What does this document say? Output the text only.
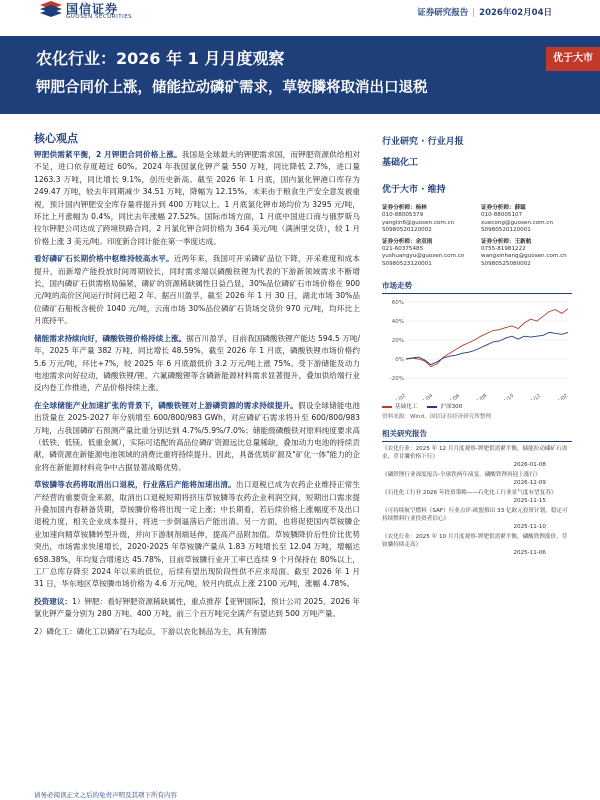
国信证券
GUOSEN SECURITIES	证券研究报告 | 2026年02月04日
农化行业：2026 年 1 月月度观察
钾肥合同价上涨，储能拉动磷矿需求，草铵膦将取消出口退税
优于大市
核心观点

钾肥供需紧平衡，2 月钾肥合同价格上涨。我国是全球最大的钾肥需求国，而钾肥资源供给相对不足，进口依存度超过 60%。2024 年我国氯化钾产量 550 万吨，同比降低 2.7%，进口量 1263.3 万吨，同比增长 9.1%，创历史新高。截至 2026 年 1 月底，国内氯化钾港口库存为 249.47 万吨，较去年同期减少 34.51 万吨，降幅为 12.15%。未来由于粮食生产安全意发被重视，预计国内钾肥安全库存量将提升到 400 万吨以上。1 月底氯化钾市场均价为 3295 元/吨，环比上月涨幅为 0.4%，同比去年涨幅 27.52%。国际市场方面，1 月底中国进口商与俄罗斯乌拉尔钾肥公司达成了跨境铁路合同，2 月氯化钾合同价格为 364 美元/吨（满洲里交货），较 1 月价格上涨 3 美元/吨。印度新合同计能在第一季度达成。

看好磷矿石长期价格中枢维持较高水平。近两年来，我国可开采磷矿品位下降，开采难度和成本提升，而新增产能投放时间周期较长，同时需求端以磷酸铁锂为代表的下游新领域需求不断增长，国内磷矿石供需格局偏紧，磷矿的资源稀缺属性日益凸显，30%品位磷矿石市场价格在 900 元/吨的高价区间运行时间已超 2 年。据百川盈孚，截至 2026 年 1 月 30 日，湖北市场 30%品位磷矿石船板含税价 1040 元/吨，云南市场 30%品位磷矿石货场交货价 970 元/吨，均环比上月底持平。

储能需求持续向好，磷酸铁锂价格持续上涨。据百川盈孚，目前我国磷酸铁锂产能达 594.5 万吨/年，2025 年产量 382 万吨，同比增长 48.59%，截至 2026 年 1 月底，磷酸铁锂市场价格约 5.6 万元/吨，环比+7%，较 2025 年 6 月底最低价 3.2 万元/吨上涨 75%。受下游储能及动力电池需求向好拉动，磷酸铁锂/锂、六氟磷酸锂等含磷新能源材料需求显著提升，叠加供给端行业反内卷工作推进，产品价格持续上涨。

在全球储能产业加速扩张的背景下，磷酸铁锂对上游磷资源的需求持续提升。假设全球储能电池出货量在 2025-2027 年分别增至 600/800/983 GWh，对应磷矿石需求将升至 600/800/983 万吨，占我国磷矿石预测产量比重分别达到 4.7%/5.9%/7.0%；储能级磷酸铁对原料纯度要求高（低铁、低镁、低重金属），实际可适配的高品位磷矿资源远比总量稀缺，叠加动力电池的持续贡献，磷资源在新能源电池领域的消费比重将持续提升。因此，具备优质矿源及"矿化一体"能力的企业将在新能源材料竞争中占据显著战略优势。

草铵膦等农药将取消出口退税，行业落后产能将加速出清。出口退税已成为农药企业维持正常生产经营的重要资金来源，取消出口退税短期将挤压草铵膦等农药企业利润空间，短期出口需求提升叠加国内春耕备货期，草铵膦价格将出现一定上涨；中长期看，若后续价格上涨幅度不及出口退税力度，相关企业成本提升，将进一步倒逼落后产能出清。另一方面，也将促使国内草铵膦企业加速向精草铵膦转型升级，并向下游制剂端延伸，提高产品附加值。草铵膦降价后性价比优势突出，市场需求快速增长，2020-2025 年草铵膦产量从 1.83 万吨增长至 12.04 万吨，增幅达 658.38%，年均复合增速达 45.78%，目前草铵膦行业开工率已连续 9 个月保持在 80%以上，工厂总库存降至 2024 年以来的低位，后续有望出现阶段性供不应求局面。截至 2026 年 1 月 31 日，华东地区草铵膦市场价格为 4.6 万元/吨，较月内低点上涨 2100 元/吨，涨幅 4.78%。

投资建议：1）钾肥：看好钾肥资源稀缺属性，重点推荐【亚钾国际】，预计公司 2025、2026 年氯化钾产量分别为 280 万吨、400 万吨，前三个百万吨完全满产有望达到 500 万吨产量。

2）磷化工：磷化工以磷矿石为起点，下游以农化制品为主，具有刚需

请务必阅读正文之后的免责声明及其项下所有内容
行业研究 · 行业月报
基础化工
优于大市 · 维持
证券分析师：杨林
010-88005379
yanglin6@guosen.com.cn
S0980520120002
证券分析师：薛聪
010-88005107
xuecong@guosen.com.cn
S0980520120001
证券分析师：余双雨
021-60375485
yushuangyu@guosen.com.cn
S0980523120001
证券分析师：王新航
0755-81981222
wangxinhang@guosen.com.cn
S0980525080002
市场走势
-20%
0%
20%
40%
60%
基础化工	沪深300
资料来源：Wind、国信证券经济研究所整理
相关研究报告
《农化行业：2025 年 12 月月度观察-钾肥供需紧平衡，储能拉动磷矿石需求，草甘膦价格下行》
2026-01-08
《磷铁锂行业深度报告-全球铁两年演变，磷酸铁锂再迎上涨行》
2026-12-09
《石化化工行业 2026 年投资策略——石化化工行业景气度有望复苏》
2025-11-15
《可持续航空燃料（SAF）行业点评-欧盟推出 33 亿欧元投资计划，稳定可持续燃料行业投资者信心》
2025-11-10
《农化行业：2025 年 10 月月度观察-钾肥供需紧平衡，磷酸铁锂涨价，草铵膦持续走高》
2025-11-06
